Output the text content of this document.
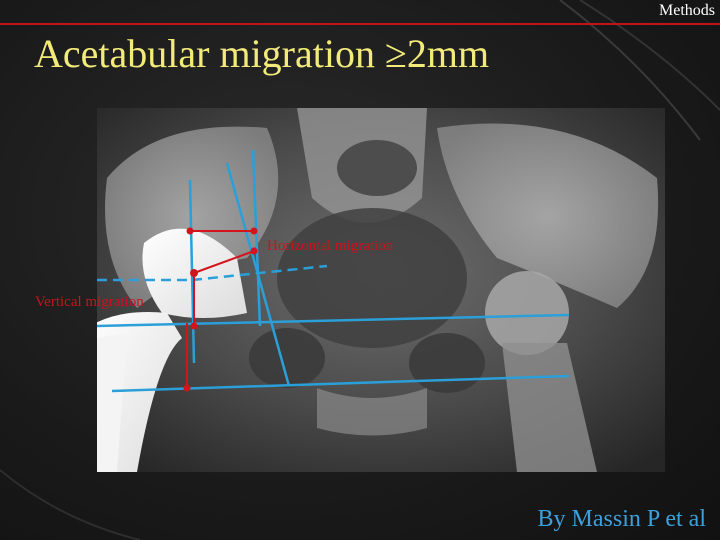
Methods
Acetabular migration ≥2mm
Horizontal migration
Vertical migration
By Massin P et al
